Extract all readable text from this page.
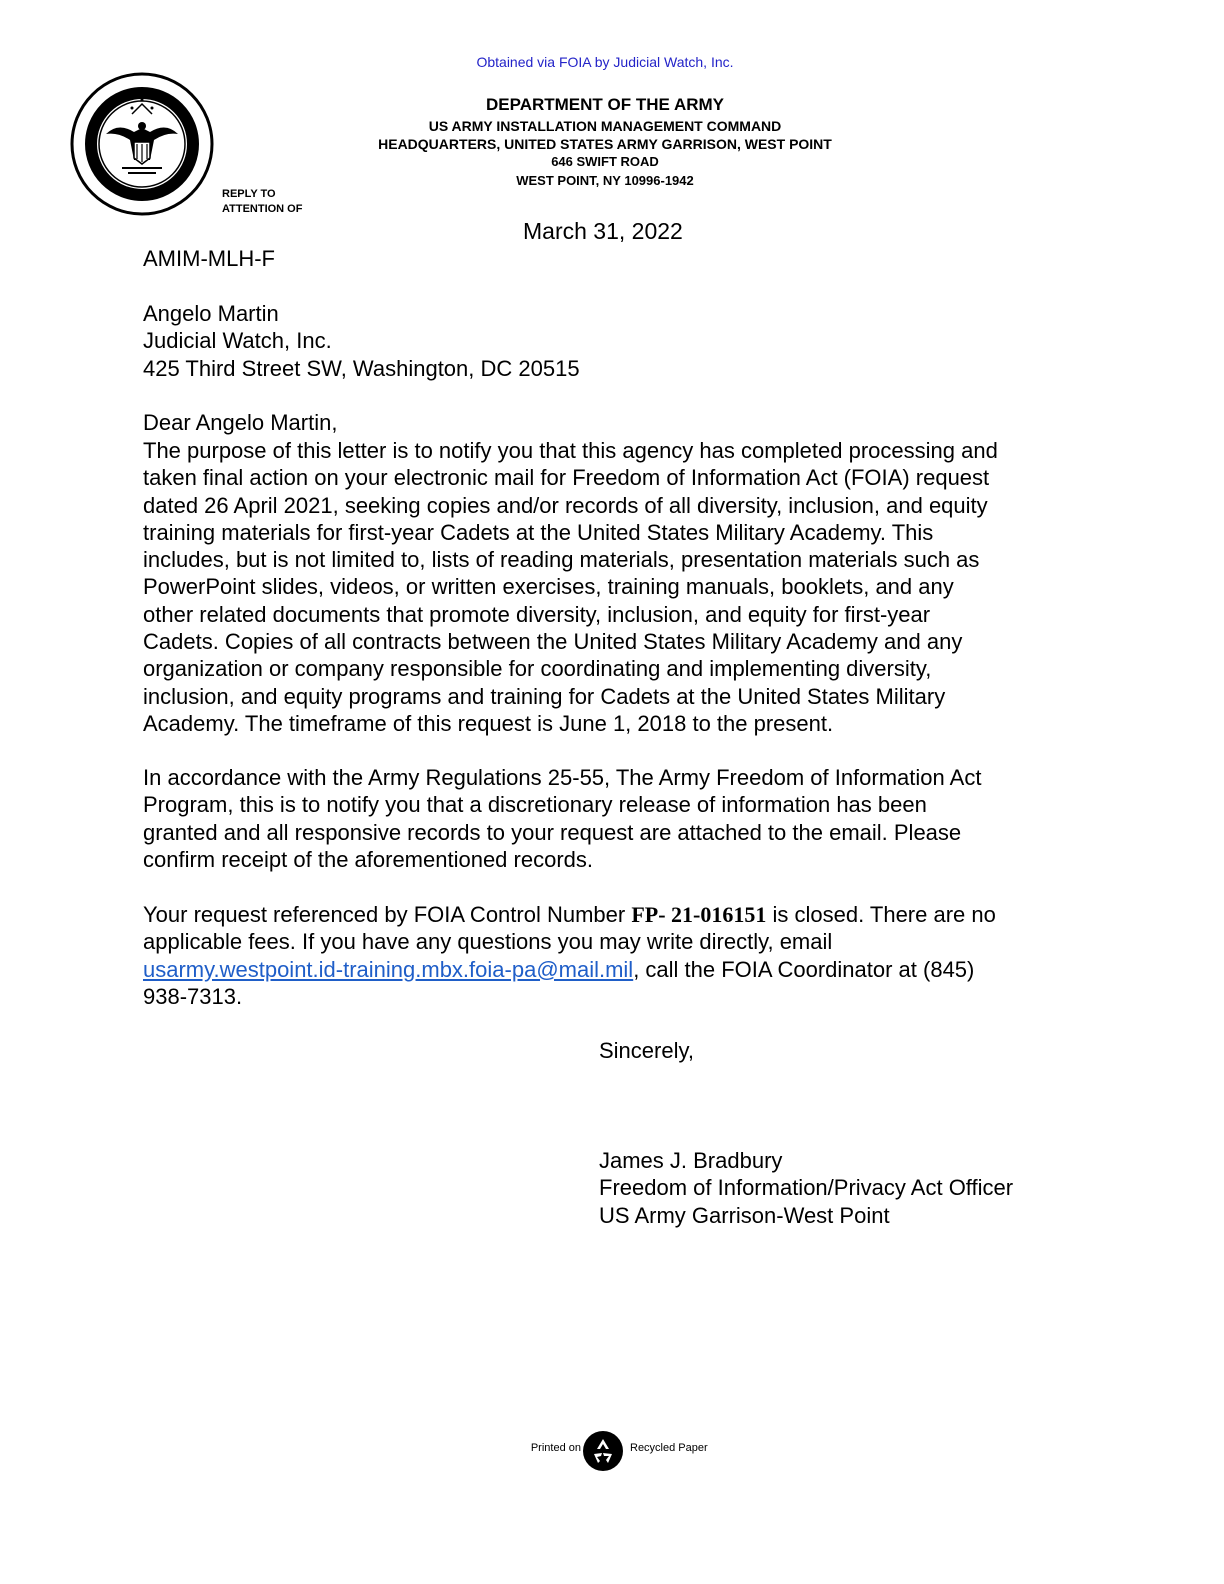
Obtained via FOIA by Judicial Watch, Inc.
DEPARTMENT OF THE ARMY
US ARMY INSTALLATION MANAGEMENT COMMAND
HEADQUARTERS, UNITED STATES ARMY GARRISON, WEST POINT
646 SWIFT ROAD
WEST POINT, NY 10996-1942
REPLY TO
ATTENTION OF
March 31, 2022
AMIM-MLH-F
Angelo Martin
Judicial Watch, Inc.
425 Third Street SW, Washington, DC 20515
Dear Angelo Martin,
The purpose of this letter is to notify you that this agency has completed processing and
taken final action on your electronic mail for Freedom of Information Act (FOIA) request
dated 26 April 2021, seeking copies and/or records of all diversity, inclusion, and equity
training materials for first-year Cadets at the United States Military Academy. This
includes, but is not limited to, lists of reading materials, presentation materials such as
PowerPoint slides, videos, or written exercises, training manuals, booklets, and any
other related documents that promote diversity, inclusion, and equity for first-year
Cadets. Copies of all contracts between the United States Military Academy and any
organization or company responsible for coordinating and implementing diversity,
inclusion, and equity programs and training for Cadets at the United States Military
Academy. The timeframe of this request is June 1, 2018 to the present.
In accordance with the Army Regulations 25-55, The Army Freedom of Information Act
Program, this is to notify you that a discretionary release of information has been
granted and all responsive records to your request are attached to the email. Please
confirm receipt of the aforementioned records.
Your request referenced by FOIA Control Number FP- 21-016151 is closed. There are no
applicable fees. If you have any questions you may write directly, email
usarmy.westpoint.id-training.mbx.foia-pa@mail.mil, call the FOIA Coordinator at (845)
938-7313.
Sincerely,
James J. Bradbury
Freedom of Information/Privacy Act Officer
US Army Garrison-West Point
Printed on	Recycled Paper
